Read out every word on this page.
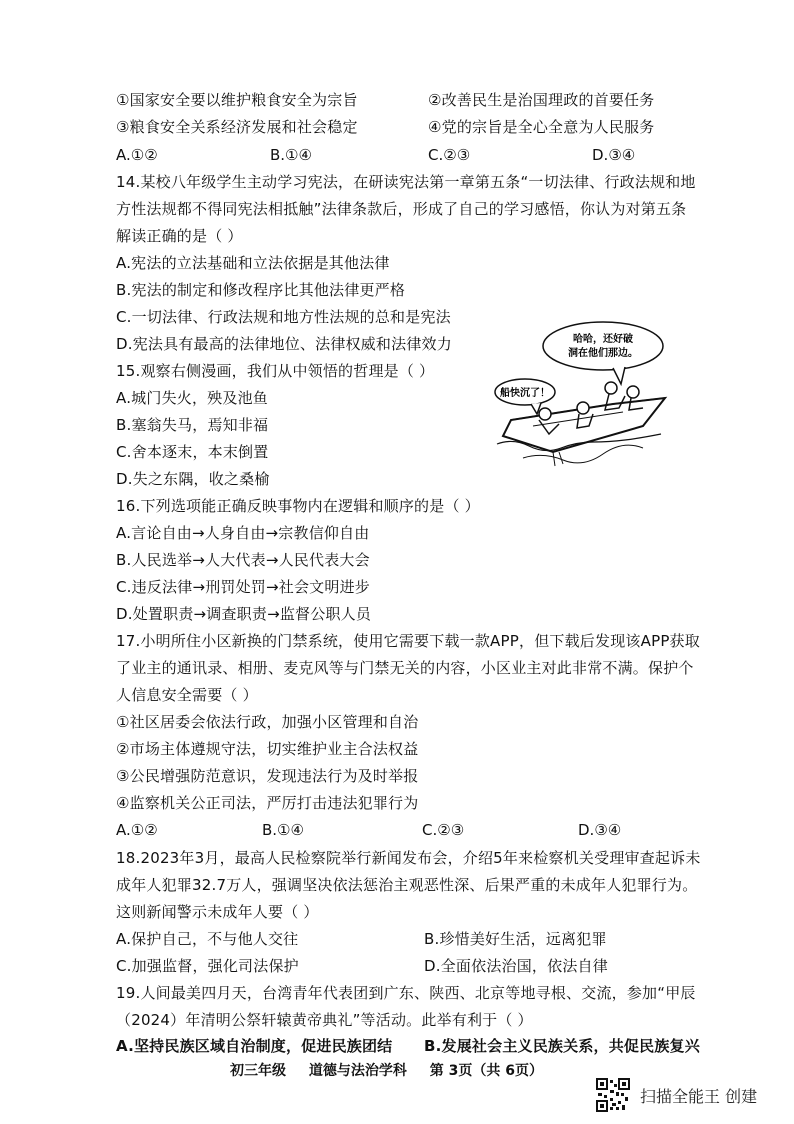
①国家安全要以维护粮食安全为宗旨	②改善民生是治国理政的首要任务
③粮食安全关系经济发展和社会稳定	④党的宗旨是全心全意为人民服务
A.①②	B.①④	C.②③	D.③④
14.某校八年级学生主动学习宪法，在研读宪法第一章第五条“一切法律、行政法规和地
方性法规都不得同宪法相抵触”法律条款后，形成了自己的学习感悟，你认为对第五条
解读正确的是（ ）
A.宪法的立法基础和立法依据是其他法律
B.宪法的制定和修改程序比其他法律更严格
C.一切法律、行政法规和地方性法规的总和是宪法
D.宪法具有最高的法律地位、法律权威和法律效力
15.观察右侧漫画，我们从中领悟的哲理是（ ）
A.城门失火，殃及池鱼
B.塞翁失马，焉知非福
C.舍本逐末，本末倒置
D.失之东隅，收之桑榆
哈哈，还好破
洞在他们那边。
船快沉了！
16.下列选项能正确反映事物内在逻辑和顺序的是（ ）
A.言论自由→人身自由→宗教信仰自由
B.人民选举→人大代表→人民代表大会
C.违反法律→刑罚处罚→社会文明进步
D.处置职责→调查职责→监督公职人员
17.小明所住小区新换的门禁系统，使用它需要下载一款APP，但下载后发现该APP获取
了业主的通讯录、相册、麦克风等与门禁无关的内容，小区业主对此非常不满。保护个
人信息安全需要（ ）
①社区居委会依法行政，加强小区管理和自治
②市场主体遵规守法，切实维护业主合法权益
③公民增强防范意识，发现违法行为及时举报
④监察机关公正司法，严厉打击违法犯罪行为
A.①②	B.①④	C.②③	D.③④
18.2023年3月，最高人民检察院举行新闻发布会，介绍5年来检察机关受理审查起诉未
成年人犯罪32.7万人，强调坚决依法惩治主观恶性深、后果严重的未成年人犯罪行为。
这则新闻警示未成年人要（ ）
A.保护自己，不与他人交往	B.珍惜美好生活，远离犯罪
C.加强监督，强化司法保护	D.全面依法治国，依法自律
19.人间最美四月天，台湾青年代表团到广东、陕西、北京等地寻根、交流，参加“甲辰
（2024）年清明公祭轩辕黄帝典礼”等活动。此举有利于（ ）
A.坚持民族区域自治制度，促进民族团结 B.发展社会主义民族关系，共促民族复兴
初三年级 道德与法治学科 第 3页（共 6页）
扫描全能王 创建
